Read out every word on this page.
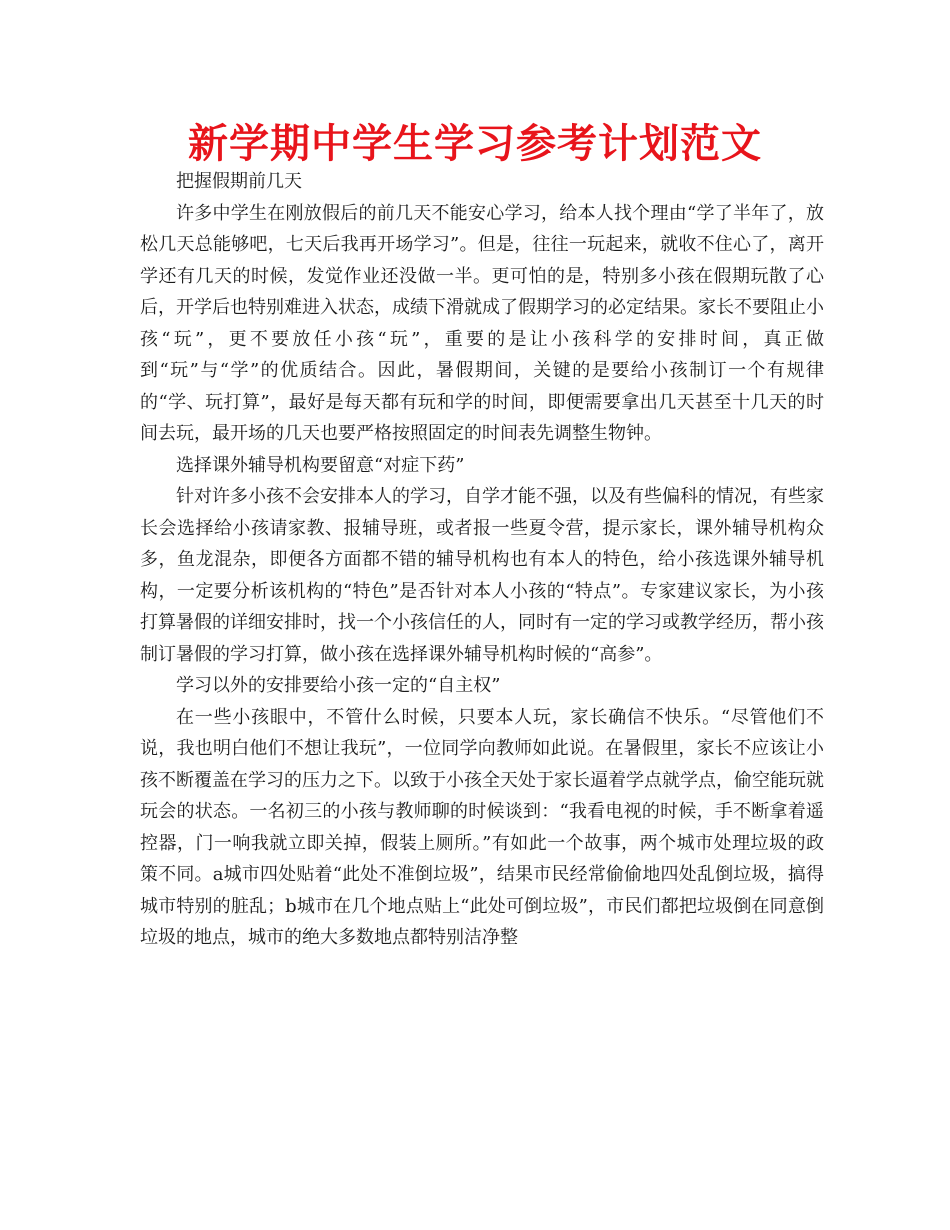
新学期中学生学习参考计划范文

把握假期前几天

许多中学生在刚放假后的前几天不能安心学习，给本人找个理由“学了半年了，放松几天总能够吧，七天后我再开场学习”。但是，往往一玩起来，就收不住心了，离开学还有几天的时候，发觉作业还没做一半。更可怕的是，特别多小孩在假期玩散了心后，开学后也特别难进入状态，成绩下滑就成了假期学习的必定结果。家长不要阻止小孩“玩”，更不要放任小孩“玩”，重要的是让小孩科学的安排时间，真正做到“玩”与“学”的优质结合。因此，暑假期间，关键的是要给小孩制订一个有规律的“学、玩打算”，最好是每天都有玩和学的时间，即便需要拿出几天甚至十几天的时间去玩，最开场的几天也要严格按照固定的时间表先调整生物钟。

选择课外辅导机构要留意“对症下药”

针对许多小孩不会安排本人的学习，自学才能不强，以及有些偏科的情况，有些家长会选择给小孩请家教、报辅导班，或者报一些夏令营，提示家长，课外辅导机构众多，鱼龙混杂，即便各方面都不错的辅导机构也有本人的特色，给小孩选课外辅导机构，一定要分析该机构的“特色”是否针对本人小孩的“特点”。专家建议家长，为小孩打算暑假的详细安排时，找一个小孩信任的人，同时有一定的学习或教学经历，帮小孩制订暑假的学习打算，做小孩在选择课外辅导机构时候的“高参”。

学习以外的安排要给小孩一定的“自主权”

在一些小孩眼中，不管什么时候，只要本人玩，家长确信不快乐。“尽管他们不说，我也明白他们不想让我玩”，一位同学向教师如此说。在暑假里，家长不应该让小孩不断覆盖在学习的压力之下。以致于小孩全天处于家长逼着学点就学点，偷空能玩就玩会的状态。一名初三的小孩与教师聊的时候谈到：“我看电视的时候，手不断拿着遥控器，门一响我就立即关掉，假装上厕所。”有如此一个故事，两个城市处理垃圾的政策不同。a城市四处贴着“此处不准倒垃圾”，结果市民经常偷偷地四处乱倒垃圾，搞得城市特别的脏乱；b城市在几个地点贴上“此处可倒垃圾”，市民们都把垃圾倒在同意倒垃圾的地点，城市的绝大多数地点都特别洁净整
